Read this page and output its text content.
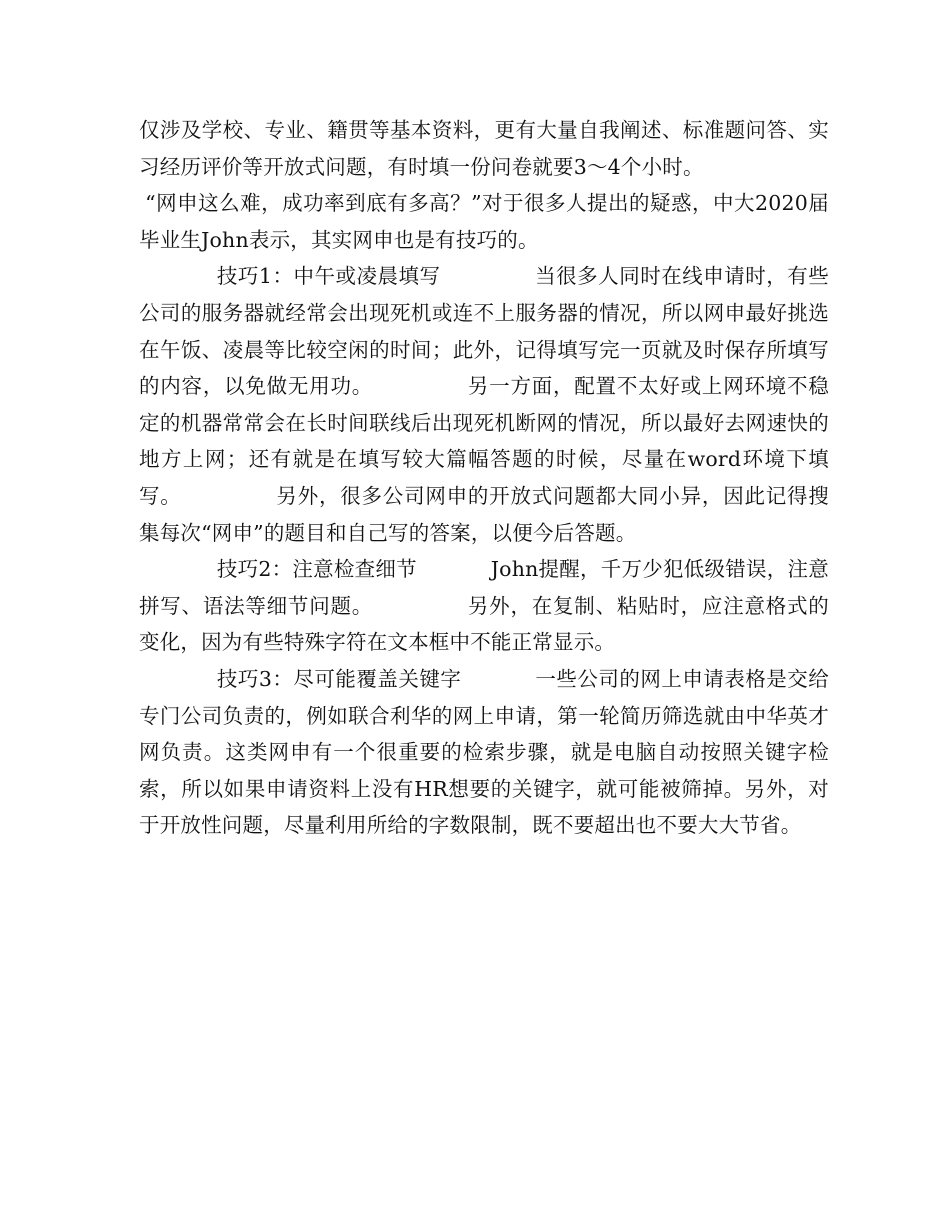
仅涉及学校、专业、籍贯等基本资料，更有大量自我阐述、标准题问答、实习经历评价等开放式问题，有时填一份问卷就要3～4个小时。

“网申这么难，成功率到底有多高？”对于很多人提出的疑惑，中大2020届毕业生John表示，其实网申也是有技巧的。

技巧1：中午或凌晨填写	当很多人同时在线申请时，有些公司的服务器就经常会出现死机或连不上服务器的情况，所以网申最好挑选在午饭、凌晨等比较空闲的时间；此外，记得填写完一页就及时保存所填写的内容，以免做无用功。	另一方面，配置不太好或上网环境不稳定的机器常常会在长时间联线后出现死机断网的情况，所以最好去网速快的地方上网；还有就是在填写较大篇幅答题的时候，尽量在word环境下填写。	另外，很多公司网申的开放式问题都大同小异，因此记得搜集每次“网申”的题目和自己写的答案，以便今后答题。

技巧2：注意检查细节	John提醒，千万少犯低级错误，注意拼写、语法等细节问题。	另外，在复制、粘贴时，应注意格式的变化，因为有些特殊字符在文本框中不能正常显示。

技巧3：尽可能覆盖关键字	一些公司的网上申请表格是交给专门公司负责的，例如联合利华的网上申请，第一轮简历筛选就由中华英才网负责。这类网申有一个很重要的检索步骤，就是电脑自动按照关键字检索，所以如果申请资料上没有HR想要的关键字，就可能被筛掉。另外，对于开放性问题，尽量利用所给的字数限制，既不要超出也不要大大节省。
